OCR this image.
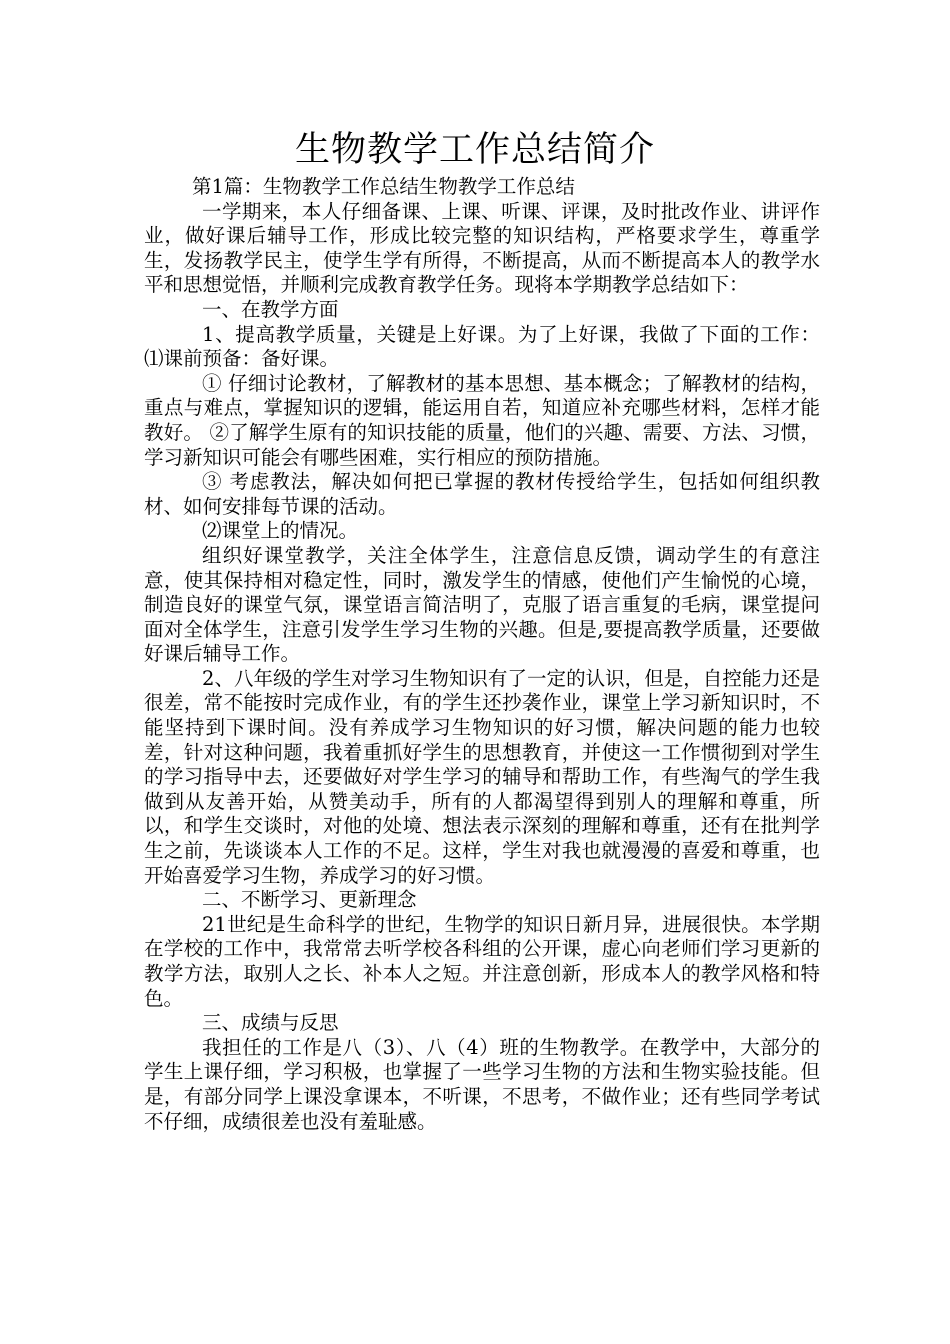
生物教学工作总结简介

第1篇：生物教学工作总结生物教学工作总结

一学期来，本人仔细备课、上课、听课、评课，及时批改作业、讲评作业，做好课后辅导工作，形成比较完整的知识结构，严格要求学生，尊重学生，发扬教学民主，使学生学有所得，不断提高，从而不断提高本人的教学水平和思想觉悟，并顺利完成教育教学任务。现将本学期教学总结如下：

一、在教学方面

1、提高教学质量，关键是上好课。为了上好课，我做了下面的工作： ⑴课前预备：备好课。

① 仔细讨论教材，了解教材的基本思想、基本概念；了解教材的结构，重点与难点，掌握知识的逻辑，能运用自若，知道应补充哪些材料，怎样才能教好。 ②了解学生原有的知识技能的质量，他们的兴趣、需要、方法、习惯，学习新知识可能会有哪些困难，实行相应的预防措施。

③ 考虑教法，解决如何把已掌握的教材传授给学生，包括如何组织教材、如何安排每节课的活动。

⑵课堂上的情况。

组织好课堂教学，关注全体学生，注意信息反馈，调动学生的有意注意，使其保持相对稳定性，同时，激发学生的情感，使他们产生愉悦的心境，制造良好的课堂气氛，课堂语言简洁明了，克服了语言重复的毛病，课堂提问面对全体学生，注意引发学生学习生物的兴趣。但是,要提高教学质量，还要做好课后辅导工作。

2、八年级的学生对学习生物知识有了一定的认识，但是，自控能力还是很差，常不能按时完成作业，有的学生还抄袭作业，课堂上学习新知识时，不能坚持到下课时间。没有养成学习生物知识的好习惯，解决问题的能力也较差，针对这种问题，我着重抓好学生的思想教育，并使这一工作惯彻到对学生的学习指导中去，还要做好对学生学习的辅导和帮助工作，有些淘气的学生我做到从友善开始，从赞美动手，所有的人都渴望得到别人的理解和尊重，所以，和学生交谈时，对他的处境、想法表示深刻的理解和尊重，还有在批判学生之前，先谈谈本人工作的不足。这样，学生对我也就漫漫的喜爱和尊重，也开始喜爱学习生物，养成学习的好习惯。

二、不断学习、更新理念

21世纪是生命科学的世纪，生物学的知识日新月异，进展很快。本学期在学校的工作中，我常常去听学校各科组的公开课，虚心向老师们学习更新的教学方法，取别人之长、补本人之短。并注意创新，形成本人的教学风格和特色。

三、成绩与反思

我担任的工作是八（3）、八（4）班的生物教学。在教学中，大部分的学生上课仔细，学习积极，也掌握了一些学习生物的方法和生物实验技能。但是，有部分同学上课没拿课本，不听课，不思考，不做作业；还有些同学考试不仔细，成绩很差也没有羞耻感。
